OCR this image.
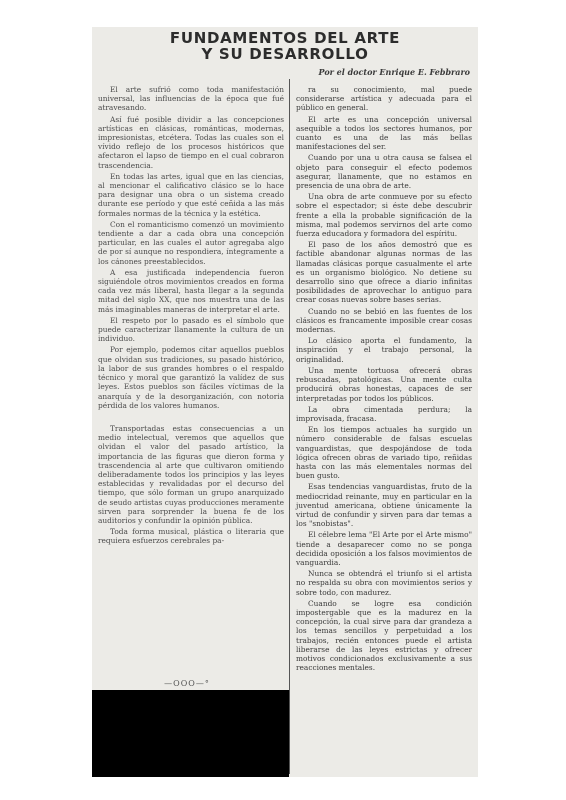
FUNDAMENTOS DEL ARTE
Y SU DESARROLLO
Por el doctor Enrique E. Febbraro

El arte sufrió como toda manifestación universal, las influencias de la época que fué atravesando.

Así fué posible dividir a las concepciones artísticas en clásicas, románticas, modernas, impresionistas, etcétera. Todas las cuales son el vívido reflejo de los procesos históricos que afectaron el lapso de tiempo en el cual cobraron trascendencia.

En todas las artes, igual que en las ciencias, al mencionar el calificativo clásico se lo hace para designar una obra o un sistema creado durante ese período y que esté ceñida a las más formales normas de la técnica y la estética.

Con el romanticismo comenzó un movimiento tendiente a dar a cada obra una concepción particular, en las cuales el autor agregaba algo de por sí aunque no respondiera, íntegramente a los cánones preestablecidos.

A esa justificada independencia fueron siguiéndole otros movimientos creados en forma cada vez más liberal, hasta llegar a la segunda mitad del siglo XX, que nos muestra una de las más imaginables maneras de interpretar el arte.

El respeto por lo pasado es el símbolo que puede caracterizar llanamente la cultura de un individuo.

Por ejemplo, podemos citar aquellos pueblos que olvidan sus tradiciones, su pasado histórico, la labor de sus grandes hombres o el respaldo técnico y moral que garantizó la valídez de sus leyes. Estos pueblos son fáciles víctimas de la anarquía y de la desorganización, con notoria pérdida de los valores humanos.

Transportadas estas consecuencias a un medio intelectual, veremos que aquellos que olvidan el valor del pasado artístico, la importancia de las figuras que dieron forma y trascendencia al arte que cultivaron omitiendo deliberadamente todos los principios y las leyes establecidas y revalidadas por el decurso del tiempo, que sólo forman un grupo anarquizado de seudo artistas cuyas producciones meramente sirven para sorprender la buena fe de los auditorios y confundir la opinión pública.

Toda forma musical, plástica o literaria que requiera esfuerzos cerebrales pa-

—OOO—°

ra su conocimiento, mal puede considerarse artística y adecuada para el público en general.

El arte es una concepción universal asequible a todos los sectores humanos, por cuanto es una de las más bellas manifestaciones del ser.

Cuando por una u otra causa se falsea el objeto para conseguir el efecto podemos asegurar, llanamente, que no estamos en presencia de una obra de arte.

Una obra de arte conmueve por su efecto sobre el espectador; si éste debe descubrir frente a ella la probable significación de la misma, mal podemos servirnos del arte como fuerza educadora y formadora del espíritu.

El paso de los años demostró que es factible abandonar algunas normas de las llamadas clásicas porque casualmente el arte es un organismo biológico. No detiene su desarrollo sino que ofrece a diario infinitas posibilidades de aprovechar lo antiguo para crear cosas nuevas sobre bases serias.

Cuando no se bebió en las fuentes de los clásicos es francamente imposible crear cosas modernas.

Lo clásico aporta el fundamento, la inspiración y el trabajo personal, la originalidad.

Una mente tortuosa ofrecerá obras rebuscadas, patológicas. Una mente culta producirá obras honestas, capaces de ser interpretadas por todos los públicos.

La obra cimentada perdura; la improvisada, fracasa.

En los tiempos actuales ha surgido un número considerable de falsas escuelas vanguardistas, que despojándose de toda lógica ofrecen obras de variado tipo, reñidas hasta con las más elementales normas del buen gusto.

Esas tendencias vanguardistas, fruto de la mediocridad reinante, muy en particular en la juventud americana, obtiene únicamente la virtud de confundir y sirven para dar temas a los "snobistas".

El célebre lema "El Arte por el Arte mismo" tiende a desaparecer como no se ponga decidida oposición a los falsos movimientos de vanguardia.

Nunca se obtendrá el triunfo si el artista no respalda su obra con movimientos serios y sobre todo, con madurez.

Cuando se logre esa condición impostergable que es la madurez en la concepción, la cual sirve para dar grandeza a los temas sencillos y perpetuidad a los trabajos, recién entonces puede el artista liberarse de las leyes estrictas y ofrecer motivos condicionados exclusivamente a sus reacciones mentales.
